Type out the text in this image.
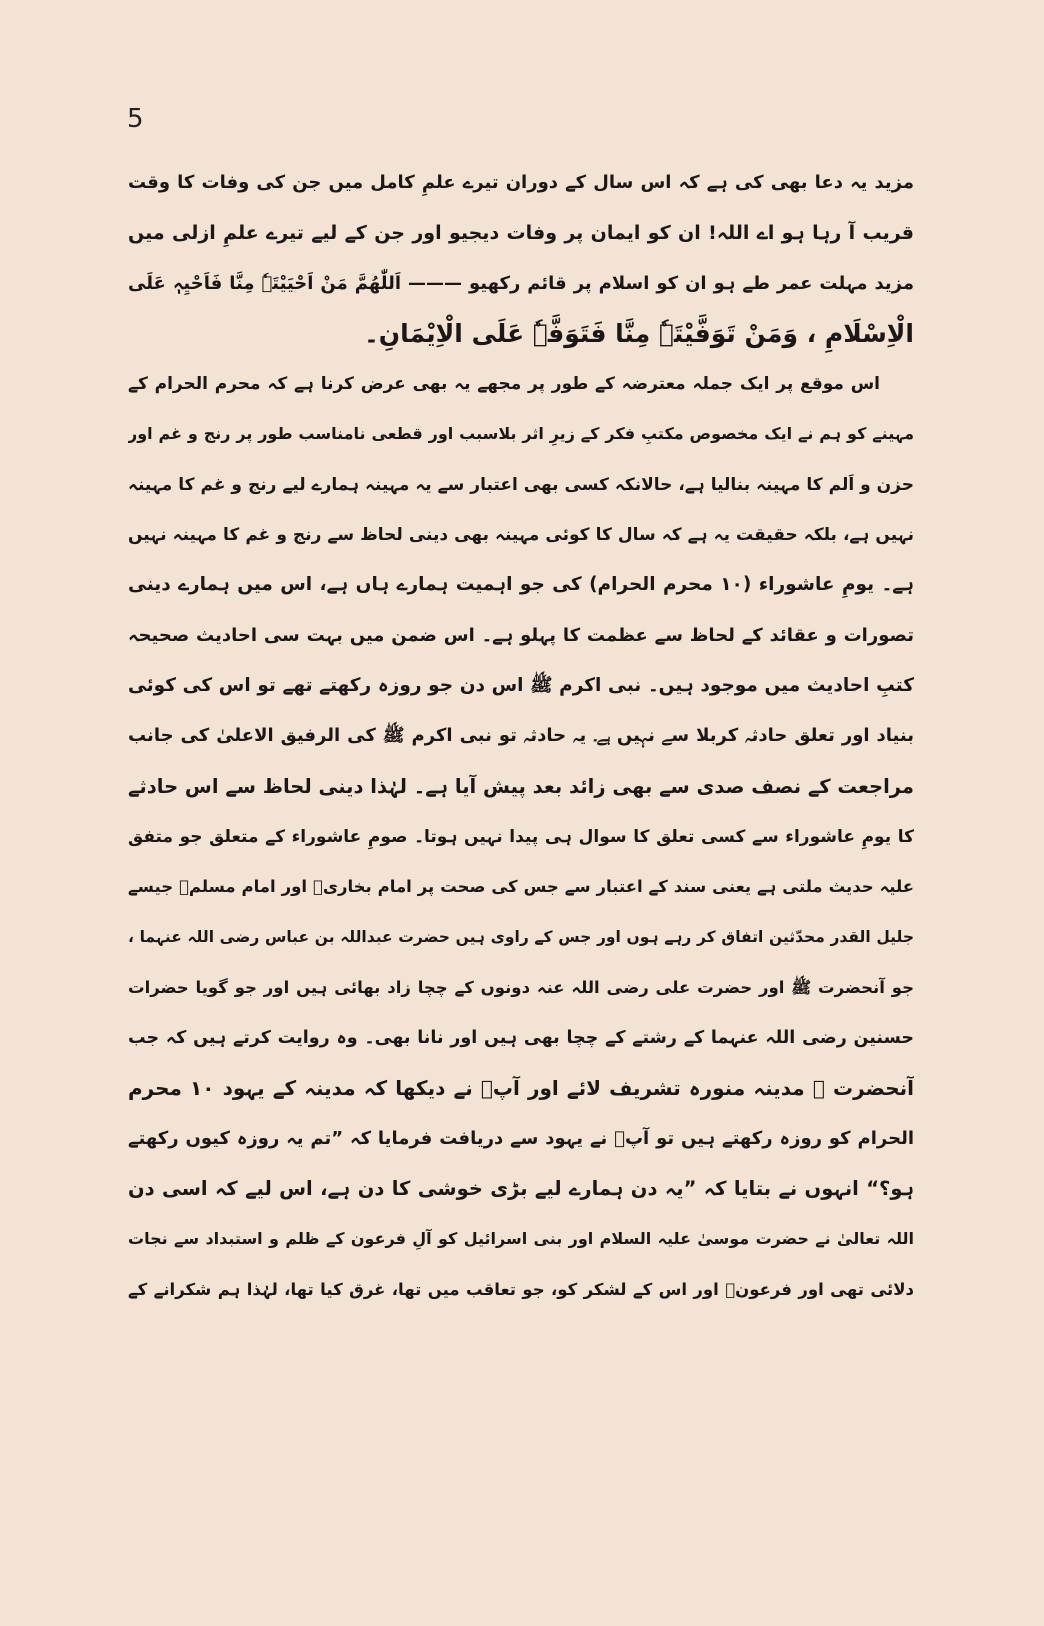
5
مزید یہ دعا بھی کی ہے کہ اس سال کے دوران تیرے علمِ کامل میں جن کی وفات کا وقت
قریب آ رہا ہو اے اللہ! ان کو ایمان پر وفات دیجیو اور جن کے لیے تیرے علمِ ازلی میں
مزید مہلت عمر طے ہو ان کو اسلام پر قائم رکھیو ——— اَللّٰھُمَّ مَنْ اَحْیَیْتَہٗ مِنَّا فَاَحْیِہٖ عَلَی
الْاِسْلَامِ ، وَمَنْ تَوَفَّیْتَہٗ مِنَّا فَتَوَفَّہٗ عَلَی الْاِیْمَانِ۔
اس موقع پر ایک جملہ معترضہ کے طور پر مجھے یہ بھی عرض کرنا ہے کہ محرم الحرام کے
مہینے کو ہم نے ایک مخصوص مکتبِ فکر کے زیرِ اثر بلاسبب اور قطعی نامناسب طور پر رنج و غم اور
حزن و اَلم کا مہینہ بنالیا ہے، حالانکہ کسی بھی اعتبار سے یہ مہینہ ہمارے لیے رنج و غم کا مہینہ
نہیں ہے، بلکہ حقیقت یہ ہے کہ سال کا کوئی مہینہ بھی دینی لحاظ سے رنج و غم کا مہینہ نہیں
ہے۔ یومِ عاشوراء (۱۰ محرم الحرام) کی جو اہمیت ہمارے ہاں ہے، اس میں ہمارے دینی
تصورات و عقائد کے لحاظ سے عظمت کا پہلو ہے۔ اس ضمن میں بہت سی احادیث صحیحہ
کتبِ احادیث میں موجود ہیں۔ نبی اکرم ﷺ اس دن جو روزہ رکھتے تھے تو اس کی کوئی
بنیاد اور تعلق حادثہ کربلا سے نہیں ہے۔ یہ حادثہ تو نبی اکرم ﷺ کی الرفیق الاعلیٰ کی جانب
مراجعت کے نصف صدی سے بھی زائد بعد پیش آیا ہے۔ لہٰذا دینی لحاظ سے اس حادثے
کا یومِ عاشوراء سے کسی تعلق کا سوال ہی پیدا نہیں ہوتا۔ صومِ عاشوراء کے متعلق جو متفق
علیہ حدیث ملتی ہے یعنی سند کے اعتبار سے جس کی صحت پر امام بخاریؒ اور امام مسلمؒ جیسے
جلیل القدر محدّثین اتفاق کر رہے ہوں اور جس کے راوی ہیں حضرت عبداللہ بن عباس رضی اللہ عنہما ،
جو آنحضرت ﷺ اور حضرت علی رضی اللہ عنہ دونوں کے چچا زاد بھائی ہیں اور جو گویا حضرات
حسنین رضی اللہ عنہما کے رشتے کے چچا بھی ہیں اور نانا بھی۔ وہ روایت کرتے ہیں کہ جب
آنحضرت ﷺ مدینہ منورہ تشریف لائے اور آپؐ نے دیکھا کہ مدینہ کے یہود ۱۰ محرم
الحرام کو روزہ رکھتے ہیں تو آپؐ نے یہود سے دریافت فرمایا کہ ”تم یہ روزہ کیوں رکھتے
ہو؟“ انہوں نے بتایا کہ ”یہ دن ہمارے لیے بڑی خوشی کا دن ہے، اس لیے کہ اسی دن
اللہ تعالیٰ نے حضرت موسیٰ علیہ السلام اور بنی اسرائیل کو آلِ فرعون کے ظلم و استبداد سے نجات
دلائی تھی اور فرعونؑ اور اس کے لشکر کو، جو تعاقب میں تھا، غرق کیا تھا، لہٰذا ہم شکرانے کے
